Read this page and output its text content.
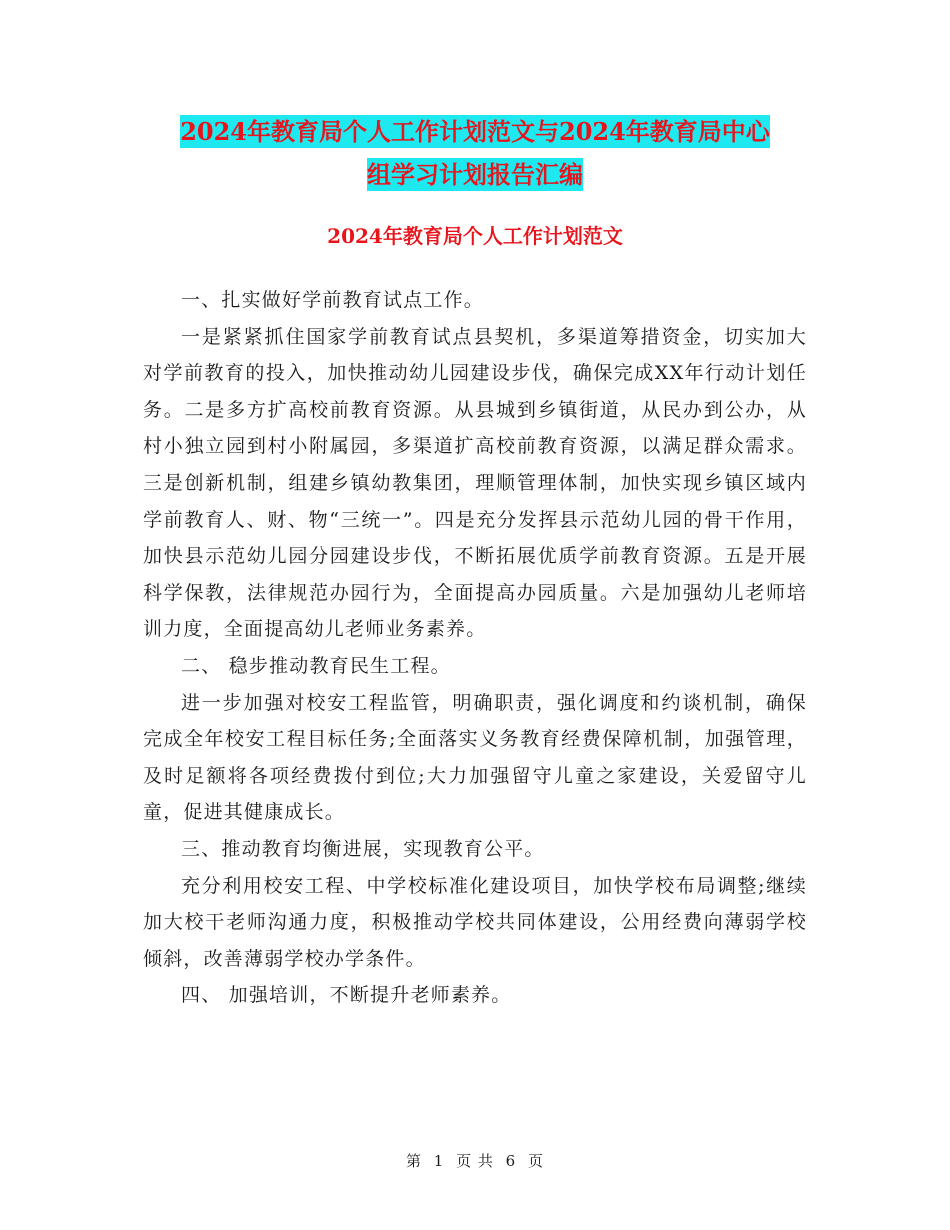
2024年教育局个人工作计划范文与2024年教育局中心
组学习计划报告汇编
2024年教育局个人工作计划范文

一、扎实做好学前教育试点工作。

一是紧紧抓住国家学前教育试点县契机，多渠道筹措资金，切实加大对学前教育的投入，加快推动幼儿园建设步伐，确保完成XX年行动计划任务。二是多方扩高校前教育资源。从县城到乡镇街道，从民办到公办，从村小独立园到村小附属园，多渠道扩高校前教育资源，以满足群众需求。三是创新机制，组建乡镇幼教集团，理顺管理体制，加快实现乡镇区域内学前教育人、财、物“三统一”。四是充分发挥县示范幼儿园的骨干作用，加快县示范幼儿园分园建设步伐，不断拓展优质学前教育资源。五是开展科学保教，法律规范办园行为，全面提高办园质量。六是加强幼儿老师培训力度，全面提高幼儿老师业务素养。

二、 稳步推动教育民生工程。

进一步加强对校安工程监管，明确职责，强化调度和约谈机制，确保完成全年校安工程目标任务;全面落实义务教育经费保障机制，加强管理，及时足额将各项经费拨付到位;大力加强留守儿童之家建设，关爱留守儿童，促进其健康成长。

三、推动教育均衡进展，实现教育公平。

充分利用校安工程、中学校标准化建设项目，加快学校布局调整;继续加大校干老师沟通力度，积极推动学校共同体建设，公用经费向薄弱学校倾斜，改善薄弱学校办学条件。

四、 加强培训，不断提升老师素养。

第 1 页 共 6 页
